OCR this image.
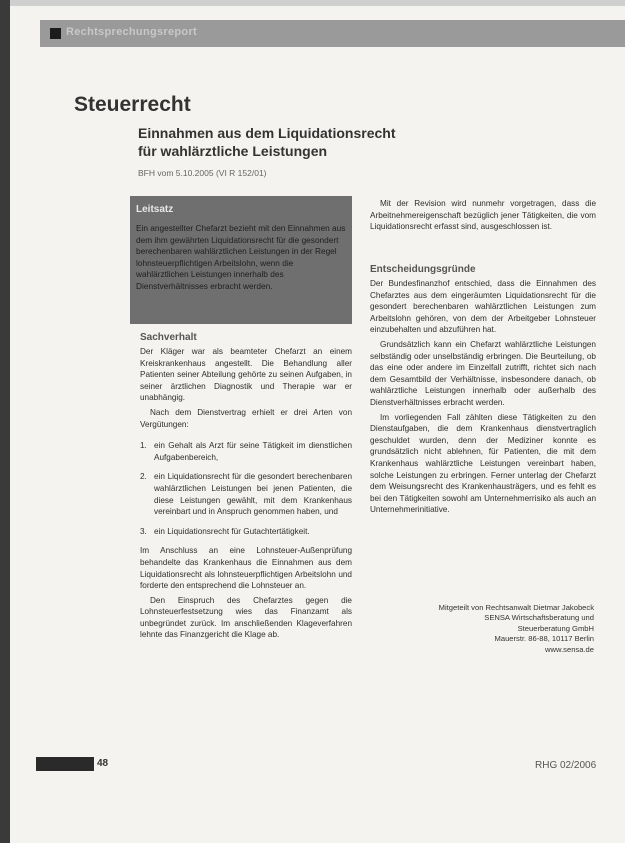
Rechtsprechungsreport
Steuerrecht
Einnahmen aus dem Liquidationsrecht für wahlärztliche Leistungen
BFH vom 5.10.2005 (VI R 152/01)
Leitsatz
Ein angestellter Chefarzt bezieht mit den Einnahmen aus dem ihm gewährten Liquidationsrecht für die gesondert berechenbaren wahlärztlichen Leistungen in der Regel lohnsteuerpflichtigen Arbeitslohn, wenn die wahlärztlichen Leistungen innerhalb des Dienstverhältnisses erbracht werden.
Sachverhalt

Der Kläger war als beamteter Chefarzt an einem Kreiskrankenhaus angestellt. Die Behandlung aller Patienten seiner Abteilung gehörte zu seinen Aufgaben, in seiner ärztlichen Diagnostik und Therapie war er unabhängig.

Nach dem Dienstvertrag erhielt er drei Arten von Vergütungen:

1. ein Gehalt als Arzt für seine Tätigkeit im dienstlichen Aufgabenbereich,
2. ein Liquidationsrecht für die gesondert berechenbaren wahlärztlichen Leistungen bei jenen Patienten, die diese Leistungen gewählt, mit dem Krankenhaus vereinbart und in Anspruch genommen haben, und
3. ein Liquidationsrecht für Gutachtertätigkeit.

Im Anschluss an eine Lohnsteuer-Außenprüfung behandelte das Krankenhaus die Einnahmen aus dem Liquidationsrecht als lohnsteuerpflichtigen Arbeitslohn und forderte den entsprechend die Lohnsteuer an.

Den Einspruch des Chefarztes gegen die Lohnsteuerfestsetzung wies das Finanzamt als unbegründet zurück. Im anschließenden Klageverfahren lehnte das Finanzgericht die Klage ab.

Mit der Revision wird nunmehr vorgetragen, dass die Arbeitnehmereigenschaft bezüglich jener Tätigkeiten, die vom Liquidationsrecht erfasst sind, ausgeschlossen ist.

Entscheidungsgründe

Der Bundesfinanzhof entschied, dass die Einnahmen des Chefarztes aus dem eingeräumten Liquidationsrecht für die gesondert berechenbaren wahlärztlichen Leistungen zum Arbeitslohn gehören, von dem der Arbeitgeber Lohnsteuer einzubehalten und abzuführen hat.

Grundsätzlich kann ein Chefarzt wahlärztliche Leistungen selbständig oder unselbständig erbringen. Die Beurteilung, ob das eine oder andere im Einzelfall zutrifft, richtet sich nach dem Gesamtbild der Verhältnisse, insbesondere danach, ob wahlärztliche Leistungen innerhalb oder außerhalb des Dienstverhältnisses erbracht werden.

Im vorliegenden Fall zählten diese Tätigkeiten zu den Dienstaufgaben, die dem Krankenhaus dienstvertraglich geschuldet wurden, denn der Mediziner konnte es grundsätzlich nicht ablehnen, für Patienten, die mit dem Krankenhaus wahlärztliche Leistungen vereinbart haben, solche Leistungen zu erbringen. Ferner unterlag der Chefarzt dem Weisungsrecht des Krankenhausträgers, und es fehlt es bei den Tätigkeiten sowohl am Unternehmerrisiko als auch an Unternehmerinitiative.

Mitgeteilt von Rechtsanwalt Dietmar Jakobeck
SENSA Wirtschaftsberatung und
Steuerberatung GmbH
Mauerstr. 86-88, 10117 Berlin
www.sensa.de
48	RHG 02/2006
